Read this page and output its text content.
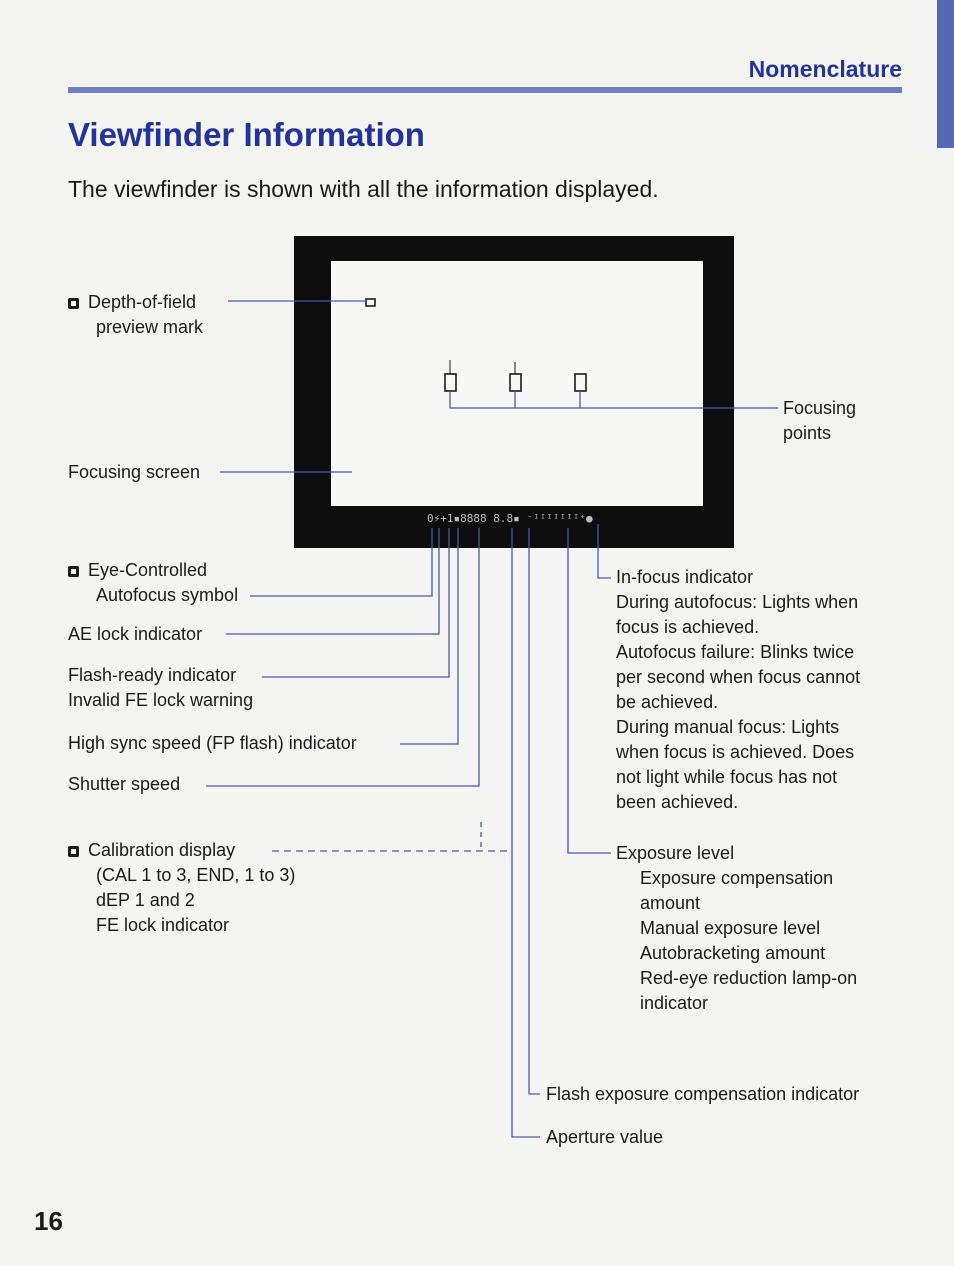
Nomenclature
Viewfinder Information
The viewfinder is shown with all the information displayed.
0⚡+1▪8888 8.8▪ ⁻ᴵᴵᴵᴵᴵᴵᴵ⁺●
Depth-of-field
preview mark
Focusing screen
Eye-Controlled
Autofocus symbol
AE lock indicator
Flash-ready indicator
Invalid FE lock warning
High sync speed (FP flash) indicator
Shutter speed
Calibration display
(CAL 1 to 3, END, 1 to 3)
dEP 1 and 2
FE lock indicator
Focusing
points
In-focus indicator
During autofocus: Lights when
focus is achieved.
Autofocus failure: Blinks twice
per second when focus cannot
be achieved.
During manual focus: Lights
when focus is achieved. Does
not light while focus has not
been achieved.
Exposure level
Exposure compensation
amount
Manual exposure level
Autobracketing amount
Red-eye reduction lamp-on
indicator
Flash exposure compensation indicator
Aperture value
16
